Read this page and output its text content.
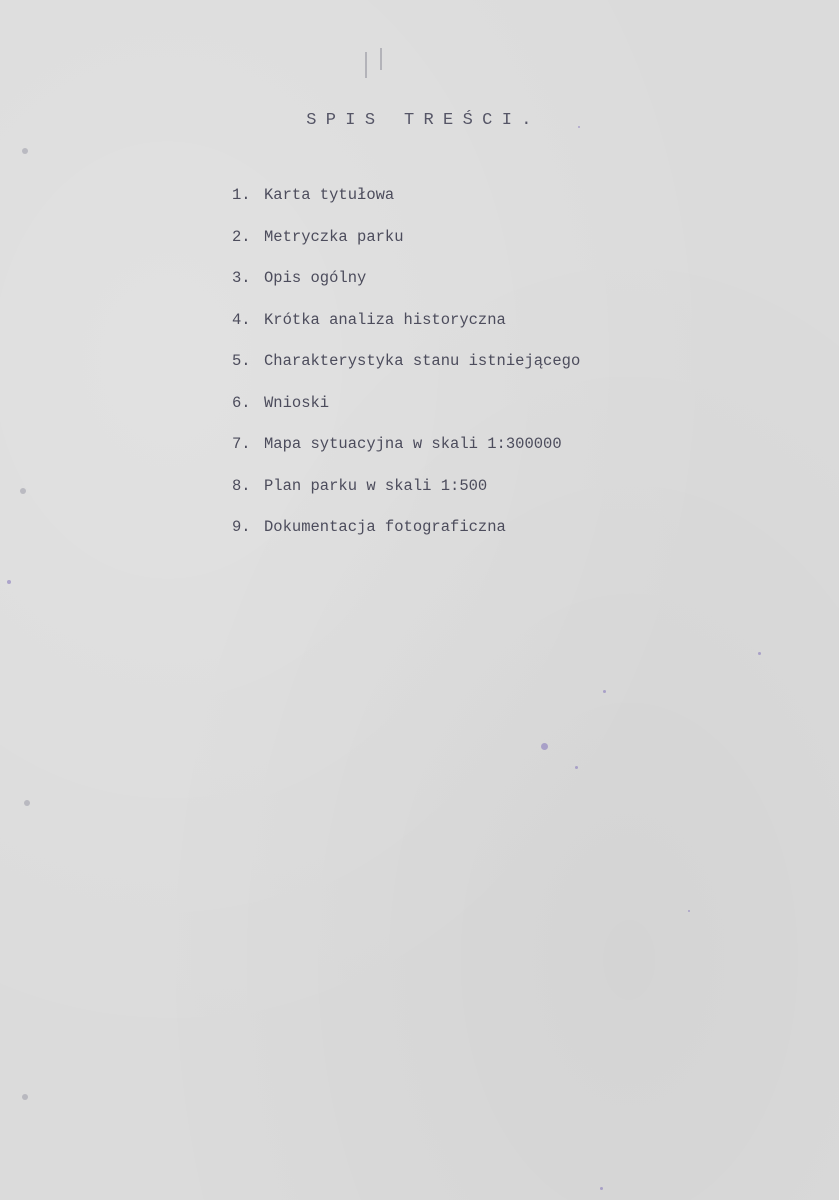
SPIS TREŚCI.
1. Karta tytułowa
2. Metryczka parku
3. Opis ogólny
4. Krótka analiza historyczna
5. Charakterystyka stanu istniejącego
6. Wnioski
7. Mapa sytuacyjna w skali 1:300000
8. Plan parku w skali 1:500
9. Dokumentacja fotograficzna
